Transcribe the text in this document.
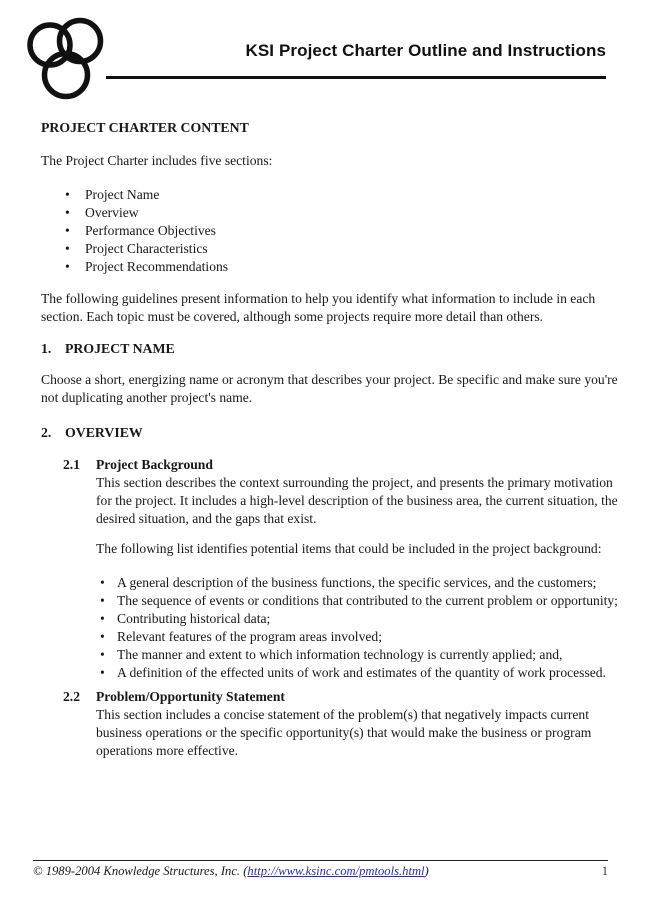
KSI Project Charter Outline and Instructions

PROJECT CHARTER CONTENT

The Project Charter includes five sections:

•	Project Name
•	Overview
•	Performance Objectives
•	Project Characteristics
•	Project Recommendations

The following guidelines present information to help you identify what information to include in each section. Each topic must be covered, although some projects require more detail than others.

1. PROJECT NAME

Choose a short, energizing name or acronym that describes your project. Be specific and make sure you're not duplicating another project's name.

2. OVERVIEW
2.1	Project Background

This section describes the context surrounding the project, and presents the primary motivation for the project. It includes a high-level description of the business area, the current situation, the desired situation, and the gaps that exist.

The following list identifies potential items that could be included in the project background:

• A general description of the business functions, the specific services, and the customers;
• The sequence of events or conditions that contributed to the current problem or opportunity;
• Contributing historical data;
• Relevant features of the program areas involved;
• The manner and extent to which information technology is currently applied; and,
• A definition of the effected units of work and estimates of the quantity of work processed.
2.2	Problem/Opportunity Statement

This section includes a concise statement of the problem(s) that negatively impacts current business operations or the specific opportunity(s) that would make the business or program operations more effective.

© 1989-2004 Knowledge Structures, Inc. (http://www.ksinc.com/pmtools.html)	1
